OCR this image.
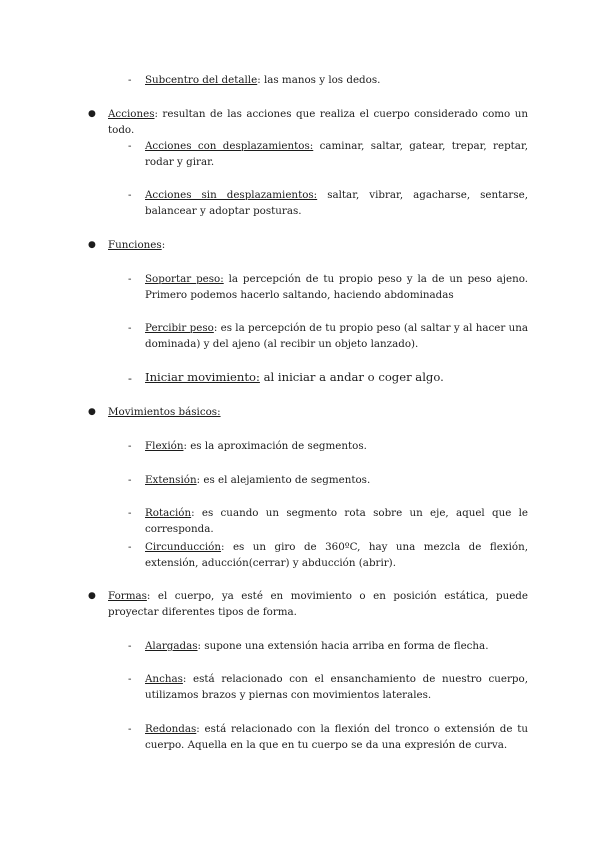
- Subcentro del detalle: las manos y los dedos.
● Acciones: resultan de las acciones que realiza el cuerpo considerado como un todo.
- Acciones con desplazamientos: caminar, saltar, gatear, trepar, reptar, rodar y girar.
- Acciones sin desplazamientos: saltar, vibrar, agacharse, sentarse, balancear y adoptar posturas.
● Funciones:
- Soportar peso: la percepción de tu propio peso y la de un peso ajeno. Primero podemos hacerlo saltando, haciendo abdominadas
- Percibir peso: es la percepción de tu propio peso (al saltar y al hacer una dominada) y del ajeno (al recibir un objeto lanzado).
- Iniciar movimiento: al iniciar a andar o coger algo.
● Movimientos básicos:
- Flexión: es la aproximación de segmentos.
- Extensión: es el alejamiento de segmentos.
- Rotación: es cuando un segmento rota sobre un eje, aquel que le corresponda.
- Circunducción: es un giro de 360ºC, hay una mezcla de flexión, extensión, aducción(cerrar) y abducción (abrir).
● Formas: el cuerpo, ya esté en movimiento o en posición estática, puede proyectar diferentes tipos de forma.
- Alargadas: supone una extensión hacia arriba en forma de flecha.
- Anchas: está relacionado con el ensanchamiento de nuestro cuerpo, utilizamos brazos y piernas con movimientos laterales.
- Redondas: está relacionado con la flexión del tronco o extensión de tu cuerpo. Aquella en la que en tu cuerpo se da una expresión de curva.
